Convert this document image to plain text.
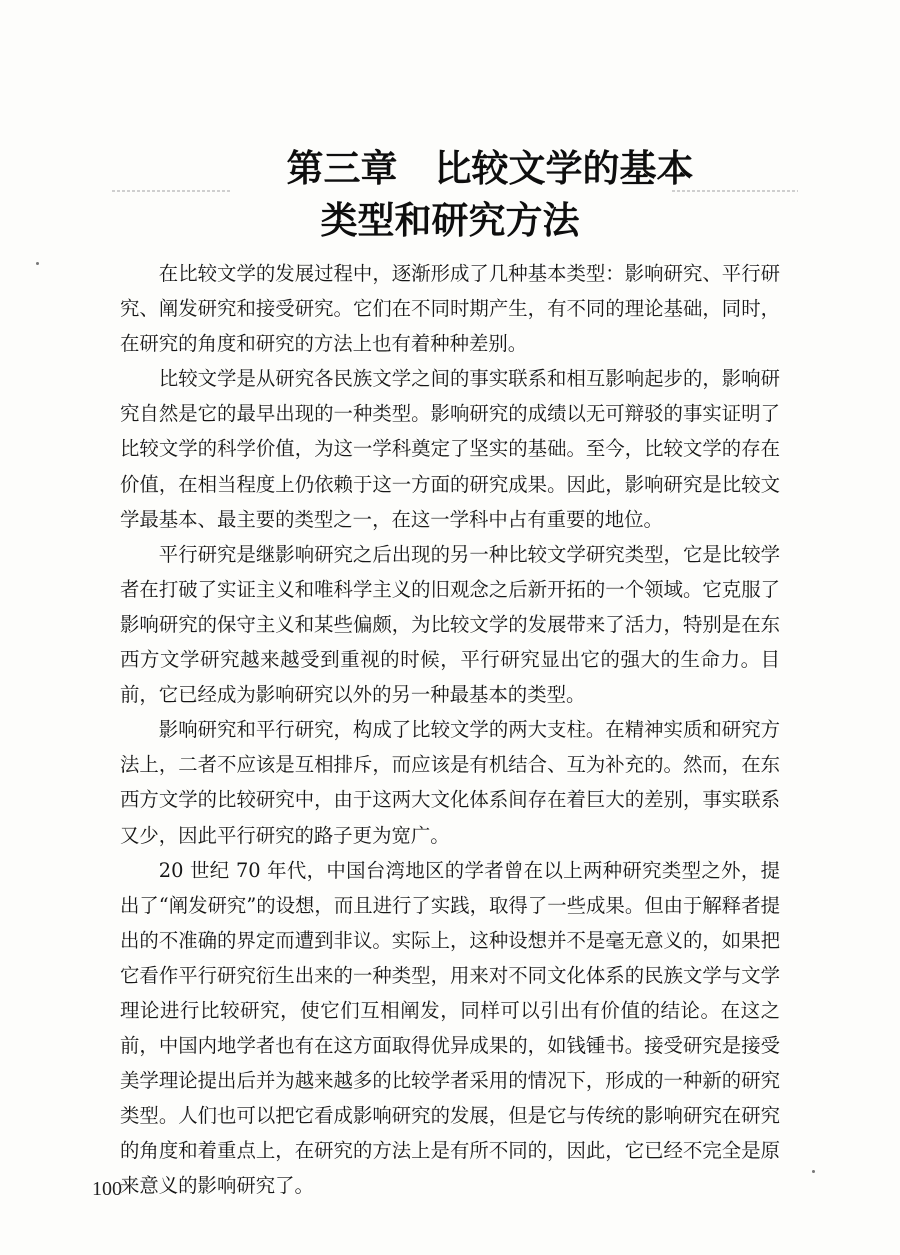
第三章　比较文学的基本
类型和研究方法

在比较文学的发展过程中，逐渐形成了几种基本类型：影响研究、平行研究、阐发研究和接受研究。它们在不同时期产生，有不同的理论基础，同时，在研究的角度和研究的方法上也有着种种差别。

比较文学是从研究各民族文学之间的事实联系和相互影响起步的，影响研究自然是它的最早出现的一种类型。影响研究的成绩以无可辩驳的事实证明了比较文学的科学价值，为这一学科奠定了坚实的基础。至今，比较文学的存在价值，在相当程度上仍依赖于这一方面的研究成果。因此，影响研究是比较文学最基本、最主要的类型之一，在这一学科中占有重要的地位。

平行研究是继影响研究之后出现的另一种比较文学研究类型，它是比较学者在打破了实证主义和唯科学主义的旧观念之后新开拓的一个领域。它克服了影响研究的保守主义和某些偏颇，为比较文学的发展带来了活力，特别是在东西方文学研究越来越受到重视的时候，平行研究显出它的强大的生命力。目前，它已经成为影响研究以外的另一种最基本的类型。

影响研究和平行研究，构成了比较文学的两大支柱。在精神实质和研究方法上，二者不应该是互相排斥，而应该是有机结合、互为补充的。然而，在东西方文学的比较研究中，由于这两大文化体系间存在着巨大的差别，事实联系又少，因此平行研究的路子更为宽广。

20 世纪 70 年代，中国台湾地区的学者曾在以上两种研究类型之外，提出了“阐发研究”的设想，而且进行了实践，取得了一些成果。但由于解释者提出的不准确的界定而遭到非议。实际上，这种设想并不是毫无意义的，如果把它看作平行研究衍生出来的一种类型，用来对不同文化体系的民族文学与文学理论进行比较研究，使它们互相阐发，同样可以引出有价值的结论。在这之前，中国内地学者也有在这方面取得优异成果的，如钱锺书。接受研究是接受美学理论提出后并为越来越多的比较学者采用的情况下，形成的一种新的研究类型。人们也可以把它看成影响研究的发展，但是它与传统的影响研究在研究的角度和着重点上，在研究的方法上是有所不同的，因此，它已经不完全是原来意义的影响研究了。

100
